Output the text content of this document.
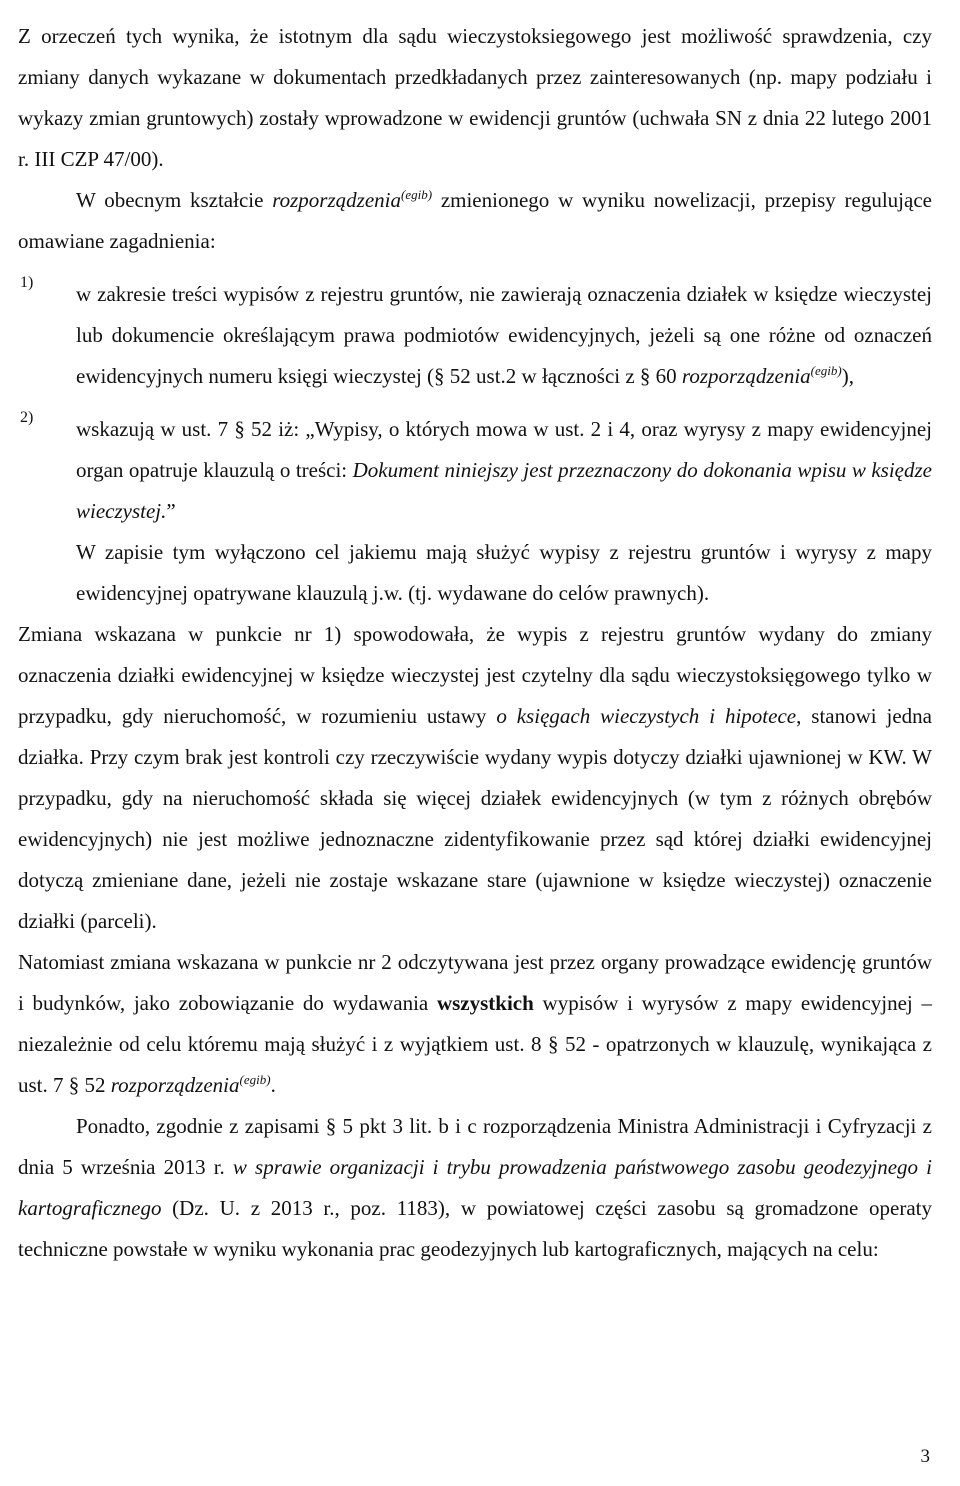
Z orzeczeń tych wynika, że istotnym dla sądu wieczystoksiegowego jest możliwość sprawdzenia, czy zmiany danych wykazane w dokumentach przedkładanych przez zainteresowanych (np. mapy podziału i wykazy zmian gruntowych) zostały wprowadzone w ewidencji gruntów (uchwała SN z dnia 22 lutego 2001 r. III CZP 47/00).

W obecnym kształcie rozporządzenia$^{(egib)}$ zmienionego w wyniku nowelizacji, przepisy regulujące omawiane zagadnienia:

1) w zakresie treści wypisów z rejestru gruntów, nie zawierają oznaczenia działek w księdze wieczystej lub dokumencie określającym prawa podmiotów ewidencyjnych, jeżeli są one różne od oznaczeń ewidencyjnych numeru księgi wieczystej (§ 52 ust.2 w łączności z § 60 rozporządzenia$^{(egib)}$),

2) wskazują w ust. 7 § 52 iż: „Wypisy, o których mowa w ust. 2 i 4, oraz wyrysy z mapy ewidencyjnej organ opatruje klauzulą o treści: Dokument niniejszy jest przeznaczony do dokonania wpisu w księdze wieczystej.”

W zapisie tym wyłączono cel jakiemu mają służyć wypisy z rejestru gruntów i wyrysy z mapy ewidencyjnej opatrywane klauzulą j.w. (tj. wydawane do celów prawnych).

Zmiana wskazana w punkcie nr 1) spowodowała, że wypis z rejestru gruntów wydany do zmiany oznaczenia działki ewidencyjnej w księdze wieczystej jest czytelny dla sądu wieczystoksięgowego tylko w przypadku, gdy nieruchomość, w rozumieniu ustawy o księgach wieczystych i hipotece, stanowi jedna działka. Przy czym brak jest kontroli czy rzeczywiście wydany wypis dotyczy działki ujawnionej w KW. W przypadku, gdy na nieruchomość składa się więcej działek ewidencyjnych (w tym z różnych obrębów ewidencyjnych) nie jest możliwe jednoznaczne zidentyfikowanie przez sąd której działki ewidencyjnej dotyczą zmieniane dane, jeżeli nie zostaje wskazane stare (ujawnione w księdze wieczystej) oznaczenie działki (parceli).

Natomiast zmiana wskazana w punkcie nr 2 odczytywana jest przez organy prowadzące ewidencję gruntów i budynków, jako zobowiązanie do wydawania wszystkich wypisów i wyrysów z mapy ewidencyjnej – niezależnie od celu któremu mają służyć i z wyjątkiem ust. 8 § 52 - opatrzonych w klauzulę, wynikająca z ust. 7 § 52 rozporządzenia$^{(egib)}$.

Ponadto, zgodnie z zapisami § 5 pkt 3 lit. b i c rozporządzenia Ministra Administracji i Cyfryzacji z dnia 5 września 2013 r. w sprawie organizacji i trybu prowadzenia państwowego zasobu geodezyjnego i kartograficznego (Dz. U. z 2013 r., poz. 1183), w powiatowej części zasobu są gromadzone operaty techniczne powstałe w wyniku wykonania prac geodezyjnych lub kartograficznych, mających na celu:

3
